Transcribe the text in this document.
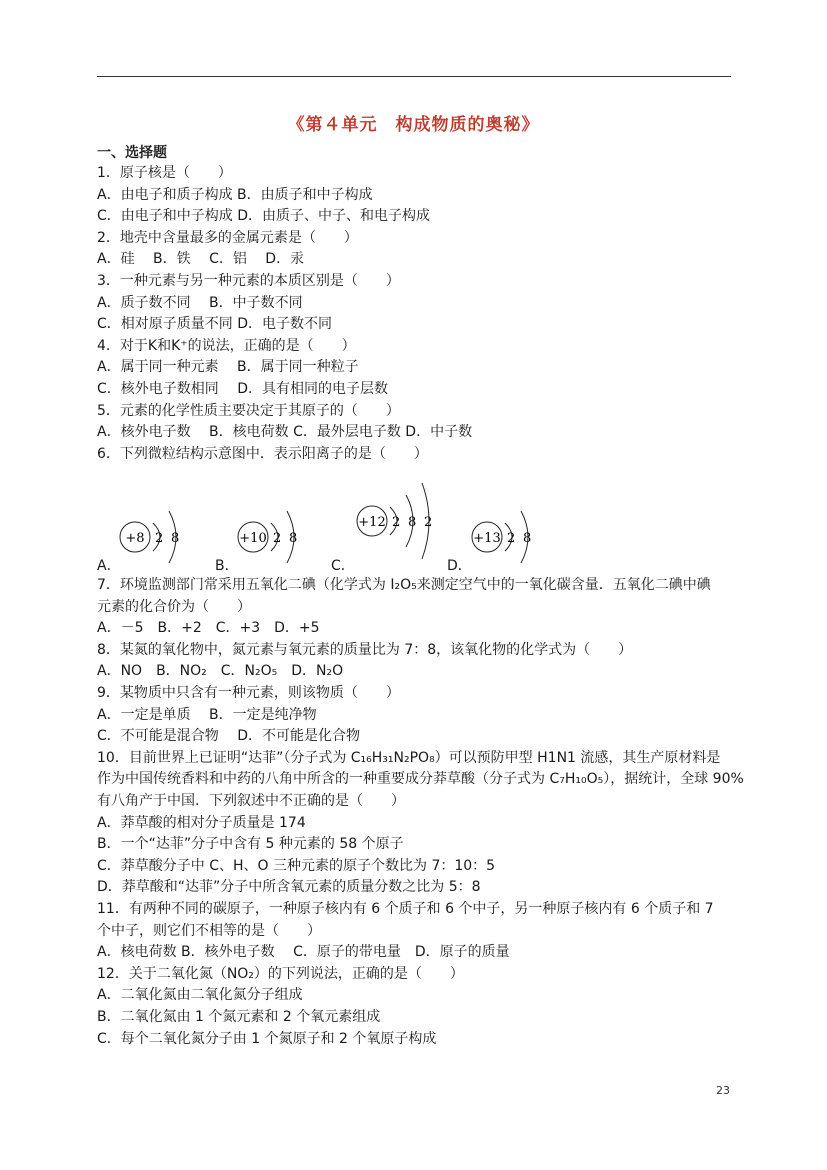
《第４单元　构成物质的奥秘》
一、选择题
1．原子核是（　　）
A．由电子和质子构成 B．由质子和中子构成
C．由电子和中子构成 D．由质子、中子、和电子构成
2．地壳中含量最多的金属元素是（　　）
A．硅　 B．铁　 C．铝　 D．汞
3．一种元素与另一种元素的本质区别是（　　）
A．质子数不同　 B．中子数不同
C．相对原子质量不同 D．电子数不同
4．对于K和K⁺的说法，正确的是（　　）
A．属于同一种元素　 B．属于同一种粒子
C．核外电子数相同　 D．具有相同的电子层数
5．元素的化学性质主要决定于其原子的（　　）
A．核外电子数　 B．核电荷数 C．最外层电子数 D．中子数
6．下列微粒结构示意图中．表示阳离子的是（　　）
+8 2 8	+10 2 8
+12 2 8 2
+13 2 8
A．	B．	C．	D．
7．环境监测部门常采用五氧化二碘（化学式为 I₂O₅来测定空气中的一氧化碳含量．五氧化二碘中碘
元素的化合价为（　　）
A．－5　B．+2　C．+3　D．+5
8．某氮的氧化物中，氮元素与氧元素的质量比为 7：8，该氧化物的化学式为（　　）
A．NO　B．NO₂　C．N₂O₅　D．N₂O
9．某物质中只含有一种元素，则该物质（　　）
A．一定是单质　 B．一定是纯净物
C．不可能是混合物　 D．不可能是化合物
10．目前世界上已证明“达菲”（分子式为 C₁₆H₃₁N₂PO₈）可以预防甲型 H1N1 流感，其生产原材料是
作为中国传统香料和中药的八角中所含的一种重要成分莽草酸（分子式为 C₇H₁₀O₅），据统计，全球 90%
有八角产于中国．下列叙述中不正确的是（　　）
A．莽草酸的相对分子质量是 174
B．一个“达菲”分子中含有 5 种元素的 58 个原子
C．莽草酸分子中 C、H、O 三种元素的原子个数比为 7：10：5
D．莽草酸和“达菲”分子中所含氧元素的质量分数之比为 5：8
11．有两种不同的碳原子，一种原子核内有 6 个质子和 6 个中子，另一种原子核内有 6 个质子和 7
个中子，则它们不相等的是（　　）
A．核电荷数 B．核外电子数　 C．原子的带电量　D．原子的质量
12．关于二氧化氮（NO₂）的下列说法，正确的是（　　）
A．二氧化氮由二氧化氮分子组成
B．二氧化氮由 1 个氮元素和 2 个氧元素组成
C．每个二氧化氮分子由 1 个氮原子和 2 个氧原子构成
23
